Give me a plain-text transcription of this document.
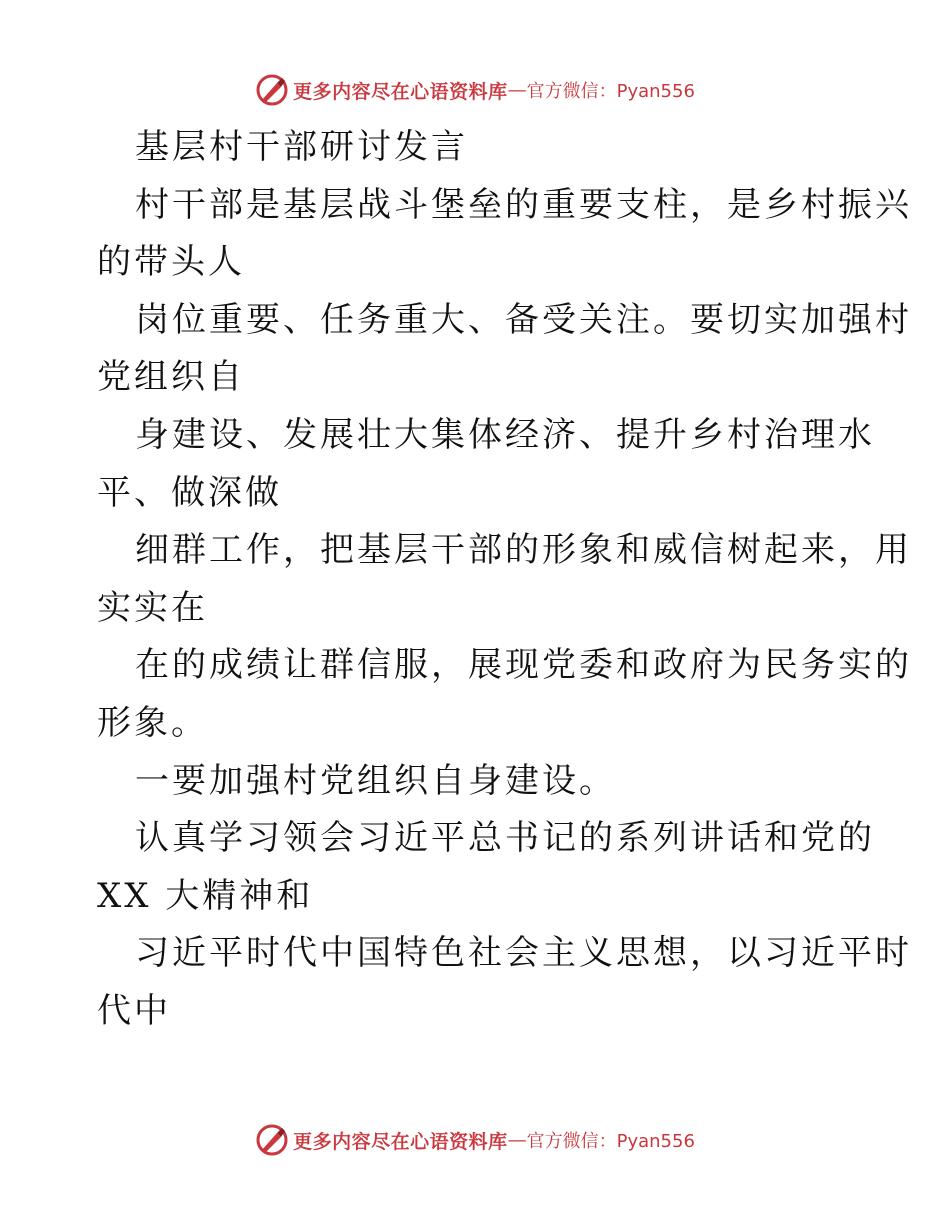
更多内容尽在心语资料库 — 官方微信：Pyan556

基层村干部研讨发言

村干部是基层战斗堡垒的重要支柱，是乡村振兴
的带头人

岗位重要、任务重大、备受关注。要切实加强村
党组织自

身建设、发展壮大集体经济、提升乡村治理水
平、做深做

细群工作，把基层干部的形象和威信树起来，用
实实在

在的成绩让群信服，展现党委和政府为民务实的
形象。

一要加强村党组织自身建设。

认真学习领会习近平总书记的系列讲话和党的
XX 大精神和

习近平时代中国特色社会主义思想，以习近平时
代中

更多内容尽在心语资料库 — 官方微信：Pyan556
